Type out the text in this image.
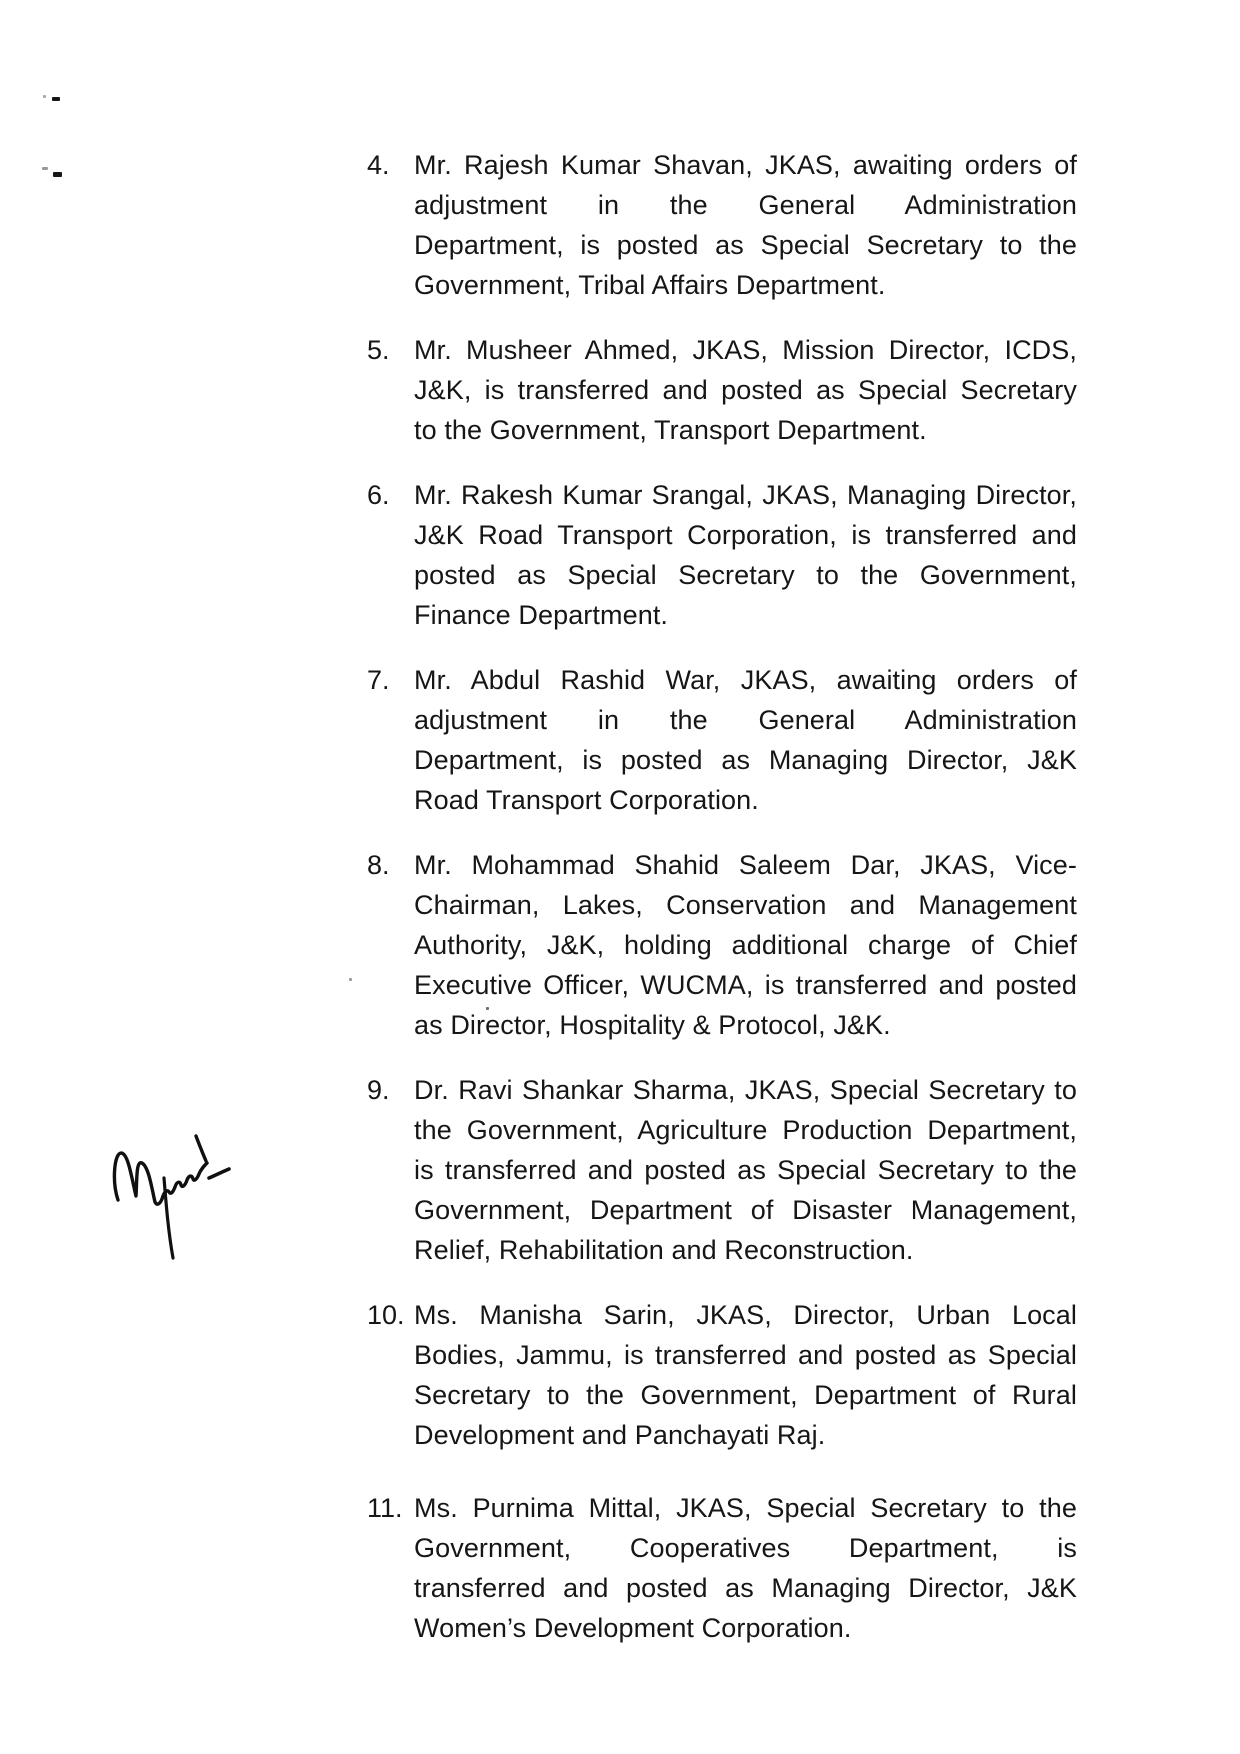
4. Mr. Rajesh Kumar Shavan, JKAS, awaiting orders of
adjustment in the General Administration
Department, is posted as Special Secretary to the
Government, Tribal Affairs Department.
5. Mr. Musheer Ahmed, JKAS, Mission Director, ICDS,
J&K, is transferred and posted as Special Secretary
to the Government, Transport Department.
6. Mr. Rakesh Kumar Srangal, JKAS, Managing Director,
J&K Road Transport Corporation, is transferred and
posted as Special Secretary to the Government,
Finance Department.
7. Mr. Abdul Rashid War, JKAS, awaiting orders of
adjustment in the General Administration
Department, is posted as Managing Director, J&K
Road Transport Corporation.
8. Mr. Mohammad Shahid Saleem Dar, JKAS, Vice-
Chairman, Lakes, Conservation and Management
Authority, J&K, holding additional charge of Chief
Executive Officer, WUCMA, is transferred and posted
as Director, Hospitality & Protocol, J&K.
9. Dr. Ravi Shankar Sharma, JKAS, Special Secretary to
the Government, Agriculture Production Department,
is transferred and posted as Special Secretary to the
Government, Department of Disaster Management,
Relief, Rehabilitation and Reconstruction.
10. Ms. Manisha Sarin, JKAS, Director, Urban Local
Bodies, Jammu, is transferred and posted as Special
Secretary to the Government, Department of Rural
Development and Panchayati Raj.
11. Ms. Purnima Mittal, JKAS, Special Secretary to the
Government, Cooperatives Department, is
transferred and posted as Managing Director, J&K
Women’s Development Corporation.
